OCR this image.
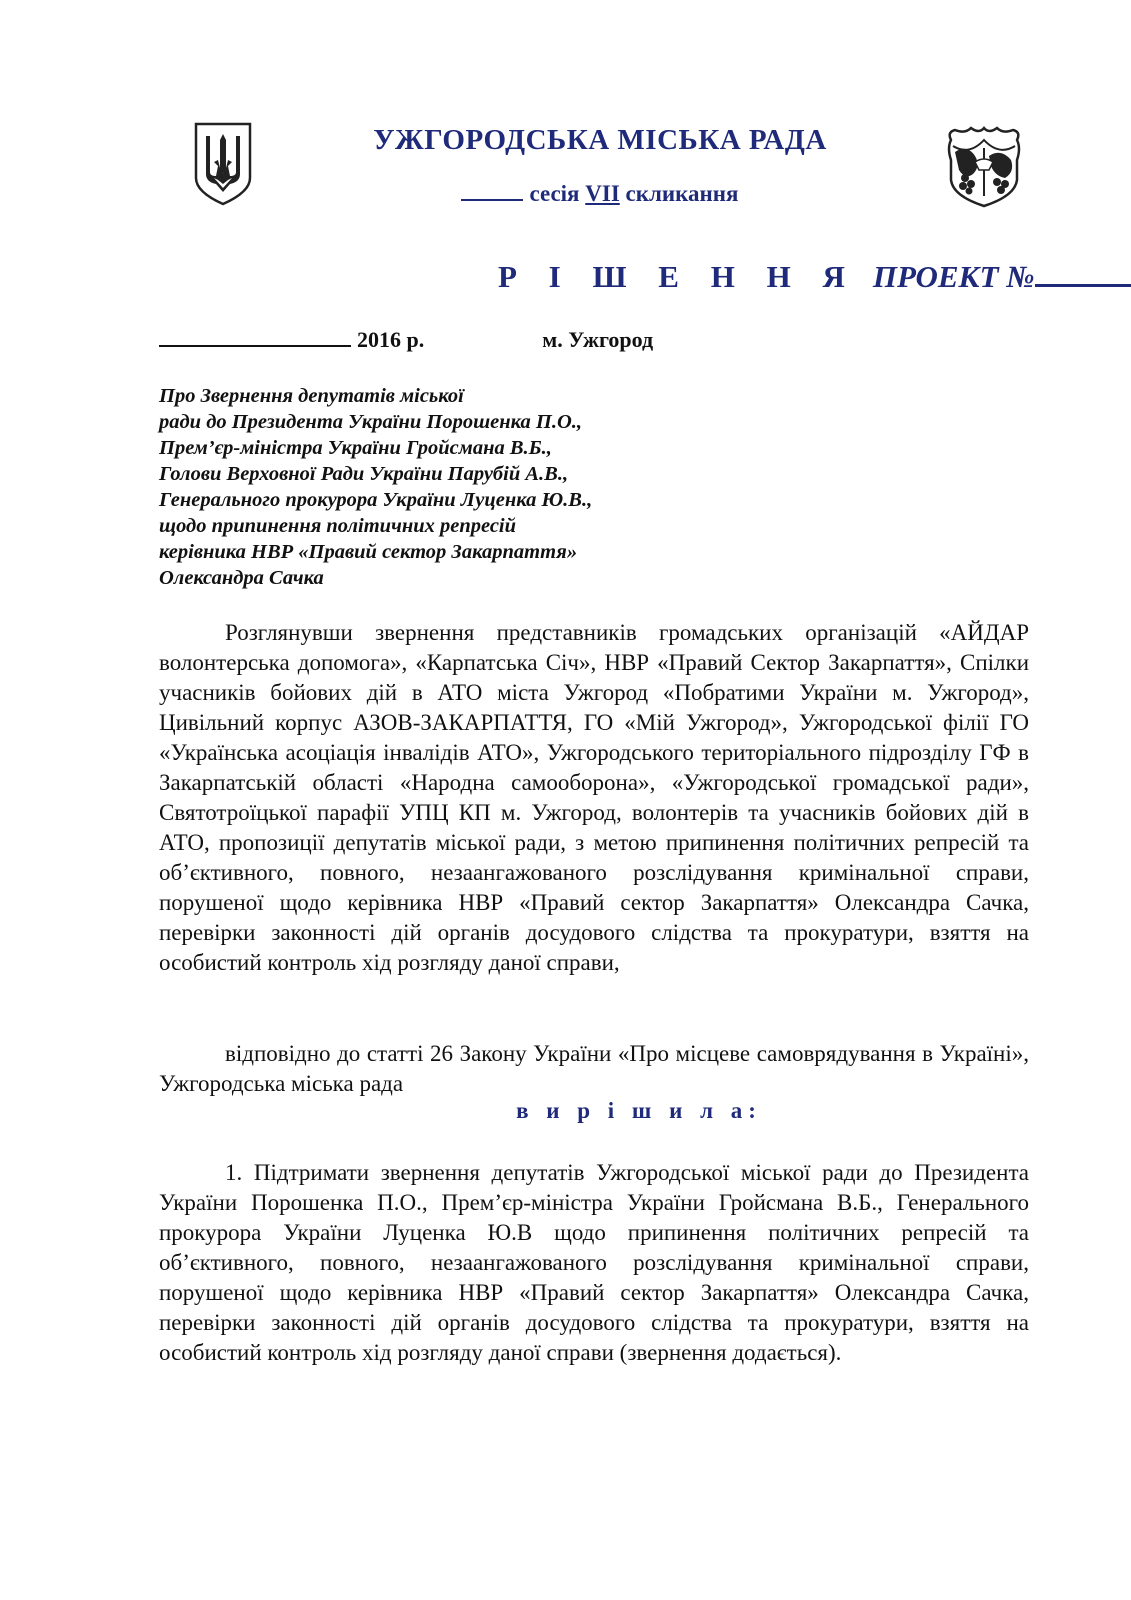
УЖГОРОДСЬКА МІСЬКА РАДА
сесія VII скликання
Р І Ш Е Н Н Я ПРОЕКТ №
2016 р.	м. Ужгород
Про Звернення депутатів міської
ради до Президента України Порошенка П.О.,
Прем’єр-міністра України Гройсмана В.Б.,
Голови Верховної Ради України Парубій А.В.,
Генерального прокурора України Луценка Ю.В.,
щодо припинення політичних репресій
керівника НВР «Правий сектор Закарпаття»
Олександра Сачка
Розглянувши звернення представників громадських організацій «АЙДАР волонтерська допомога», «Карпатська Січ», НВР «Правий Сектор Закарпаття», Спілки учасників бойових дій в АТО міста Ужгород «Побратими України м. Ужгород», Цивільний корпус АЗОВ-ЗАКАРПАТТЯ, ГО «Мій Ужгород», Ужгородської філії ГО «Українська асоціація інвалідів АТО», Ужгородського територіального підрозділу ГФ в Закарпатській області «Народна самооборона», «Ужгородської громадської ради», Святотроїцької парафії УПЦ КП м. Ужгород, волонтерів та учасників бойових дій в АТО, пропозиції депутатів міської ради, з метою припинення політичних репресій та об’єктивного, повного, незаангажованого розслідування кримінальної справи, порушеної щодо керівника НВР «Правий сектор Закарпаття» Олександра Сачка, перевірки законності дій органів досудового слідства та прокуратури, взяття на особистий контроль хід розгляду даної справи,
відповідно до статті 26 Закону України «Про місцеве самоврядування в Україні», Ужгородська міська рада
в и р і ш и л а:
1. Підтримати звернення депутатів Ужгородської міської ради до Президента України Порошенка П.О., Прем’єр-міністра України Гройсмана В.Б., Генерального прокурора України Луценка Ю.В щодо припинення політичних репресій та об’єктивного, повного, незаангажованого розслідування кримінальної справи, порушеної щодо керівника НВР «Правий сектор Закарпаття» Олександра Сачка, перевірки законності дій органів досудового слідства та прокуратури, взяття на особистий контроль хід розгляду даної справи (звернення додається).
